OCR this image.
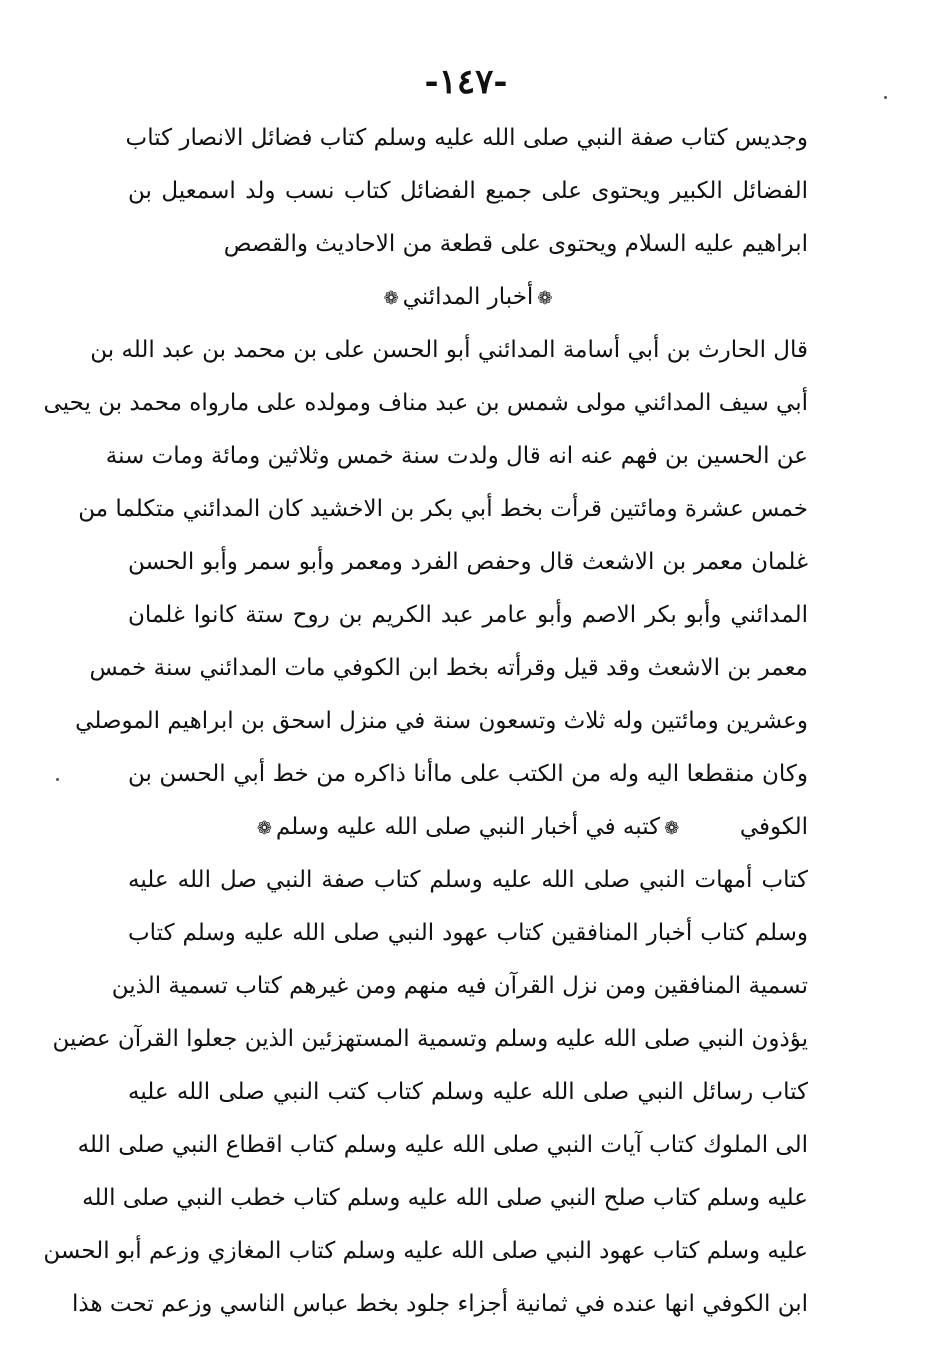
-١٤٧-
وجديس كتاب صفة النبي صلى الله عليه وسلم كتاب فضائل الانصار كتاب
الفضائل الكبير ويحتوى على جميع الفضائل كتاب نسب ولد اسمعيل بن
ابراهيم عليه السلام ويحتوى على قطعة من الاحاديث والقصص
❁أخبار المدائني❁
قال الحارث بن أبي أسامة المدائني أبو الحسن على بن محمد بن عبد الله بن
أبي سيف المدائني مولى شمس بن عبد مناف ومولده على مارواه محمد بن يحيى
عن الحسين بن فهم عنه انه قال ولدت سنة خمس وثلاثين ومائة ومات سنة
خمس عشرة ومائتين قرأت بخط أبي بكر بن الاخشيد كان المدائني متكلما من
غلمان معمر بن الاشعث قال وحفص الفرد ومعمر وأبو سمر وأبو الحسن
المدائني وأبو بكر الاصم وأبو عامر عبد الكريم بن روح ستة كانوا غلمان
معمر بن الاشعث وقد قيل وقرأته بخط ابن الكوفي مات المدائني سنة خمس
وعشرين ومائتين وله ثلاث وتسعون سنة في منزل اسحق بن ابراهيم الموصلي
وكان منقطعا اليه وله من الكتب على ماأنا ذاكره من خط أبي الحسن بن
الكوفي
❁كتبه في أخبار النبي صلى الله عليه وسلم❁
كتاب أمهات النبي صلى الله عليه وسلم كتاب صفة النبي صل الله عليه
وسلم كتاب أخبار المنافقين كتاب عهود النبي صلى الله عليه وسلم كتاب
تسمية المنافقين ومن نزل القرآن فيه منهم ومن غيرهم كتاب تسمية الذين
يؤذون النبي صلى الله عليه وسلم وتسمية المستهزئين الذين جعلوا القرآن عضين
كتاب رسائل النبي صلى الله عليه وسلم كتاب كتب النبي صلى الله عليه
الى الملوك كتاب آيات النبي صلى الله عليه وسلم كتاب اقطاع النبي صلى الله
عليه وسلم كتاب صلح النبي صلى الله عليه وسلم كتاب خطب النبي صلى الله
عليه وسلم كتاب عهود النبي صلى الله عليه وسلم كتاب المغازي وزعم أبو الحسن
ابن الكوفي انها عنده في ثمانية أجزاء جلود بخط عباس الناسي وزعم تحت هذا
